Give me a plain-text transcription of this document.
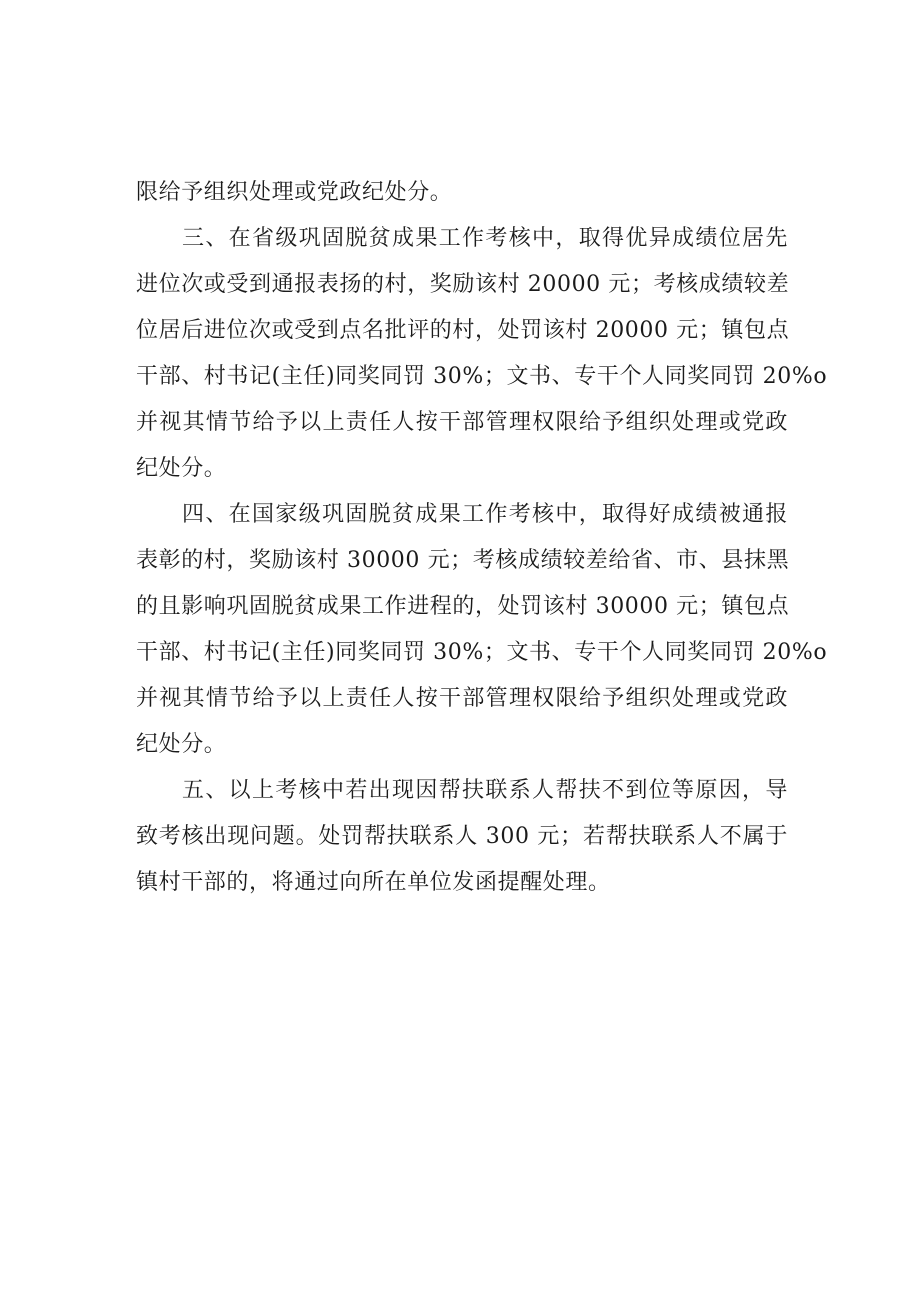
限给予组织处理或党政纪处分。
三、在省级巩固脱贫成果工作考核中，取得优异成绩位居先
进位次或受到通报表扬的村，奖励该村 20000 元；考核成绩较差
位居后进位次或受到点名批评的村，处罚该村 20000 元；镇包点
干部、村书记(主任)同奖同罚 30%；文书、专干个人同奖同罚 20%o
并视其情节给予以上责任人按干部管理权限给予组织处理或党政
纪处分。
四、在国家级巩固脱贫成果工作考核中，取得好成绩被通报
表彰的村，奖励该村 30000 元；考核成绩较差给省、市、县抹黑
的且影响巩固脱贫成果工作进程的，处罚该村 30000 元；镇包点
干部、村书记(主任)同奖同罚 30%；文书、专干个人同奖同罚 20%o
并视其情节给予以上责任人按干部管理权限给予组织处理或党政
纪处分。
五、以上考核中若出现因帮扶联系人帮扶不到位等原因，导
致考核出现问题。处罚帮扶联系人 300 元；若帮扶联系人不属于
镇村干部的，将通过向所在单位发函提醒处理。
